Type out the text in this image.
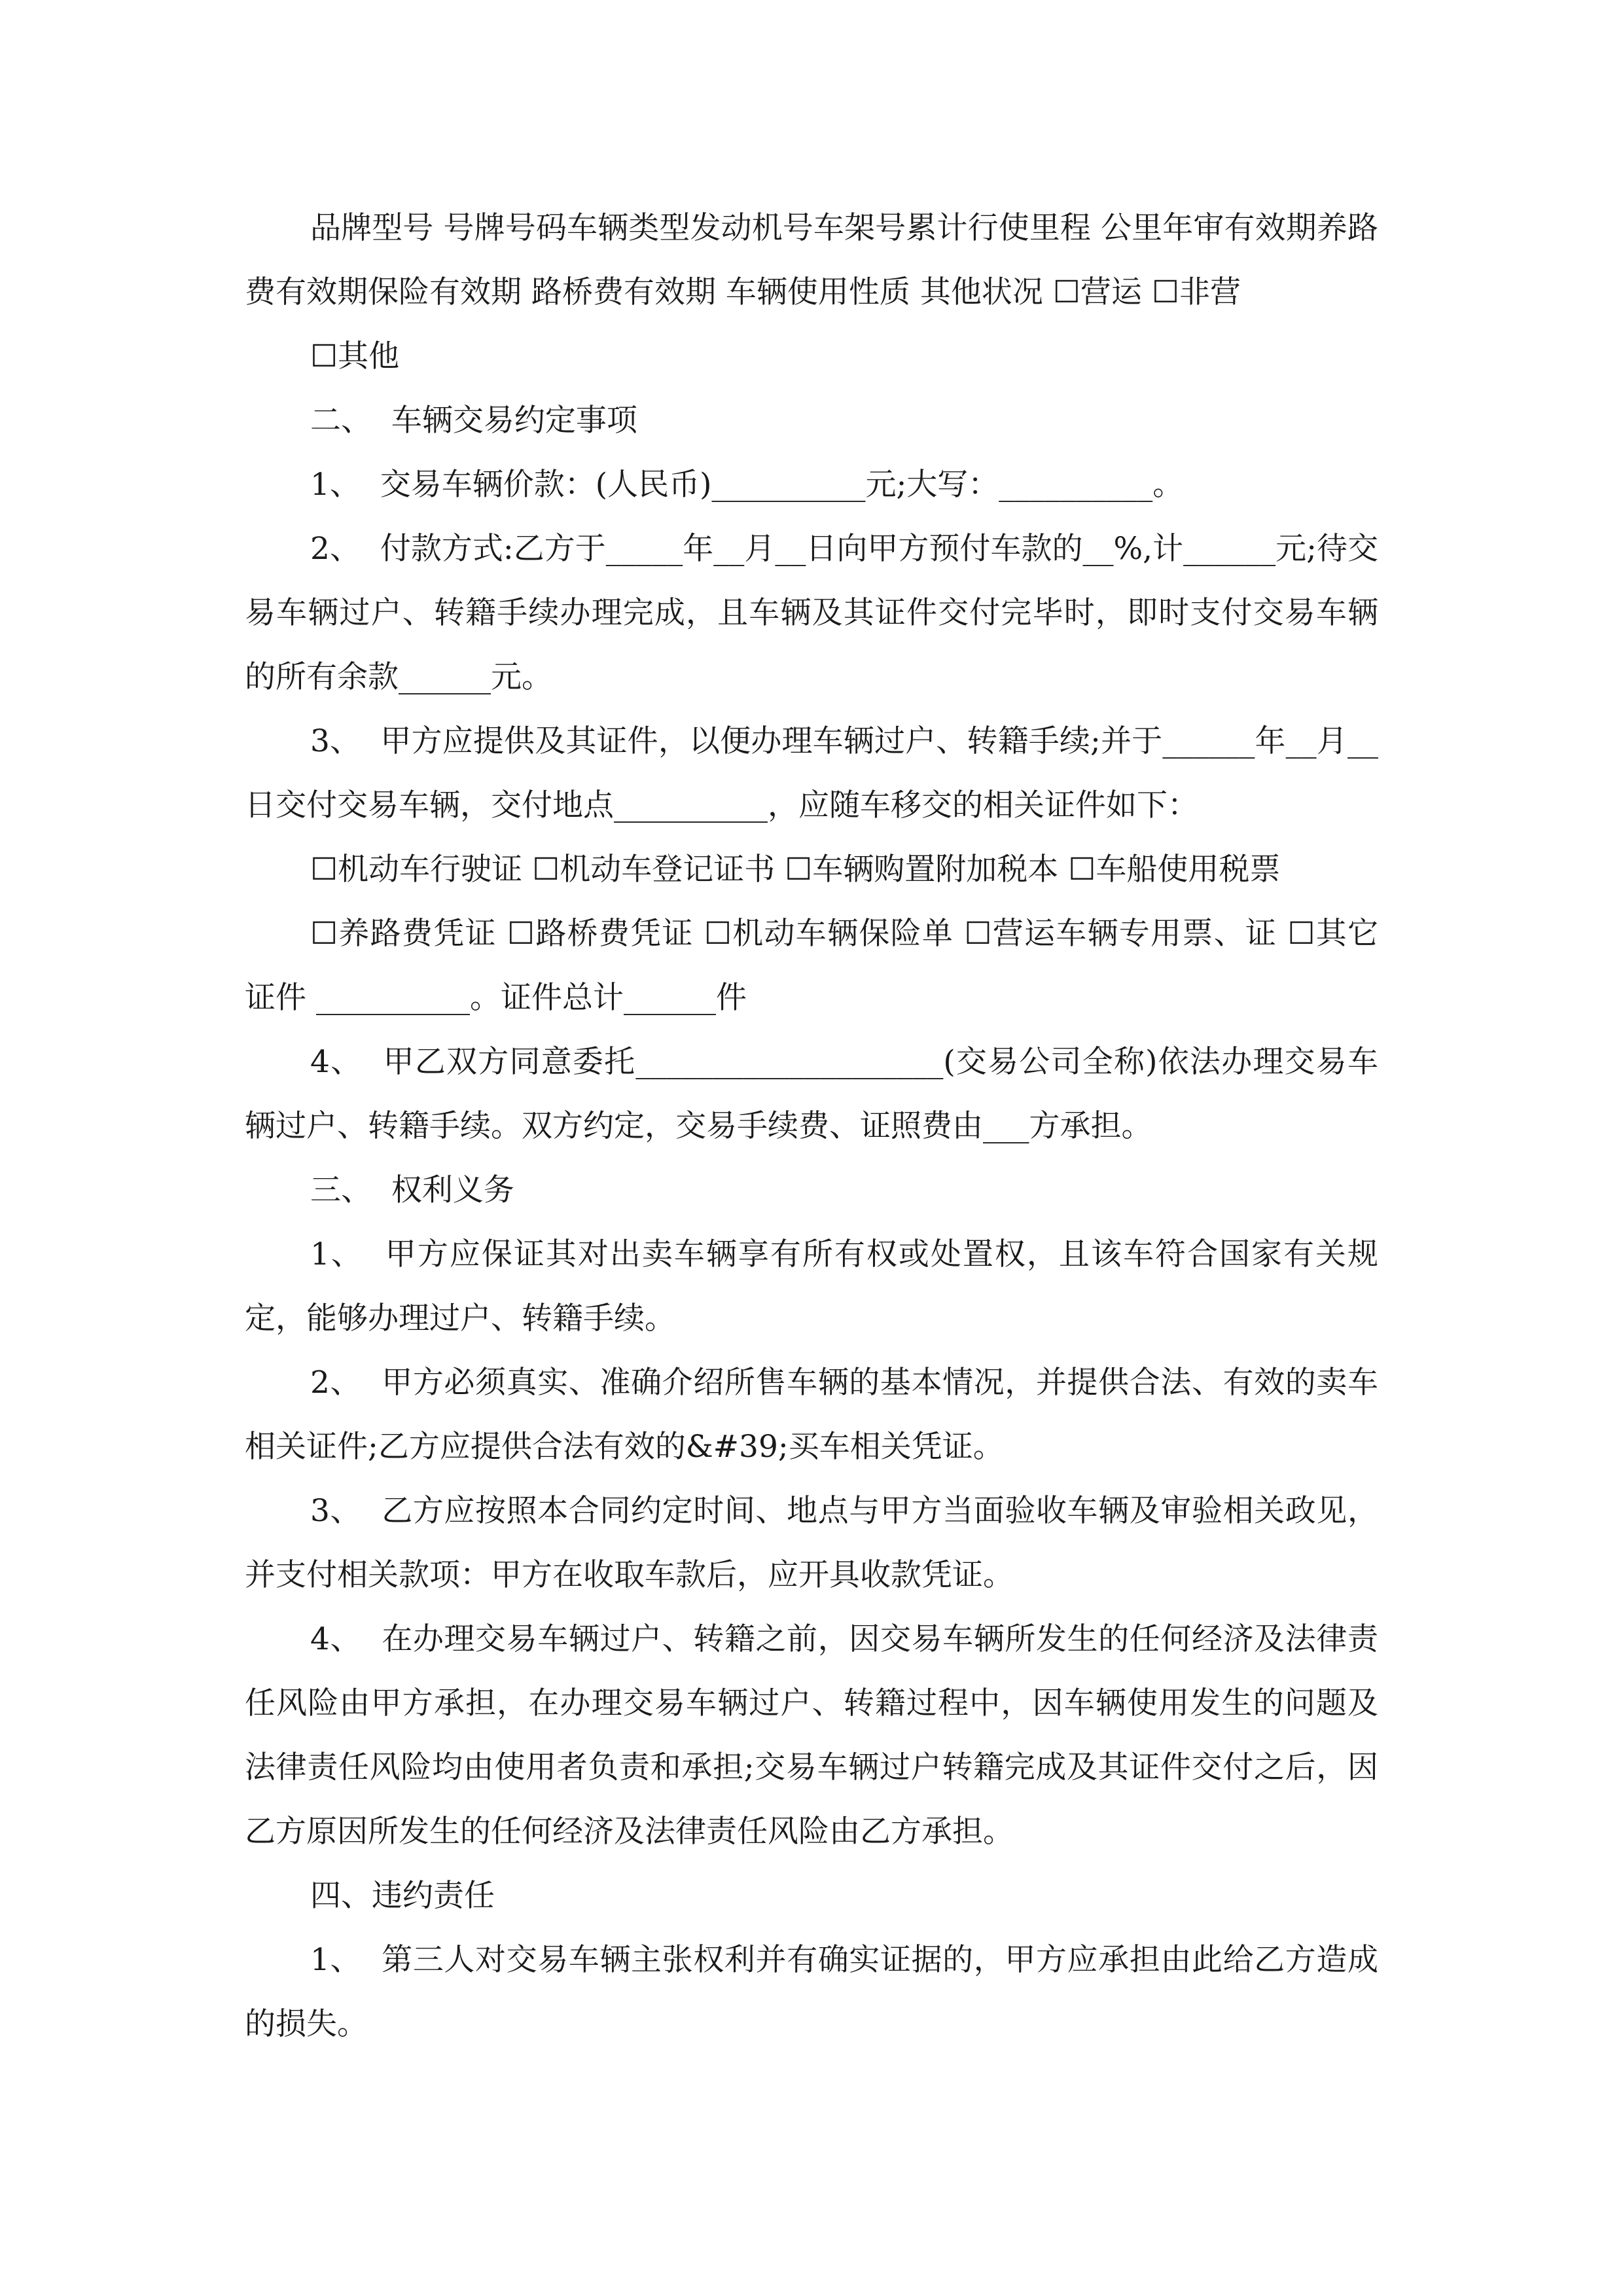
品牌型号 号牌号码车辆类型发动机号车架号累计行使里程 公里年审有效期养路费有效期保险有效期 路桥费有效期 车辆使用性质 其他状况 ☐营运 ☐非营

☐其他

二、  车辆交易约定事项

1、  交易车辆价款：(人民币)__________元;大写：__________。

2、  付款方式:乙方于_____年__月__日向甲方预付车款的__%,计______元;待交易车辆过户、转籍手续办理完成，且车辆及其证件交付完毕时，即时支付交易车辆的所有余款______元。

3、  甲方应提供及其证件，以便办理车辆过户、转籍手续;并于______年__月__日交付交易车辆，交付地点__________，应随车移交的相关证件如下：

☐机动车行驶证 ☐机动车登记证书 ☐车辆购置附加税本 ☐车船使用税票

☐养路费凭证 ☐路桥费凭证 ☐机动车辆保险单 ☐营运车辆专用票、证 ☐其它证件 __________。证件总计______件

4、  甲乙双方同意委托____________________(交易公司全称)依法办理交易车辆过户、转籍手续。双方约定，交易手续费、证照费由___方承担。

三、  权利义务

1、  甲方应保证其对出卖车辆享有所有权或处置权，且该车符合国家有关规定，能够办理过户、转籍手续。

2、  甲方必须真实、准确介绍所售车辆的基本情况，并提供合法、有效的卖车相关证件;乙方应提供合法有效的&#39;买车相关凭证。

3、  乙方应按照本合同约定时间、地点与甲方当面验收车辆及审验相关政见，并支付相关款项：甲方在收取车款后，应开具收款凭证。

4、  在办理交易车辆过户、转籍之前，因交易车辆所发生的任何经济及法律责任风险由甲方承担，在办理交易车辆过户、转籍过程中，因车辆使用发生的问题及法律责任风险均由使用者负责和承担;交易车辆过户转籍完成及其证件交付之后，因乙方原因所发生的任何经济及法律责任风险由乙方承担。

四、违约责任

1、  第三人对交易车辆主张权利并有确实证据的，甲方应承担由此给乙方造成的损失。
